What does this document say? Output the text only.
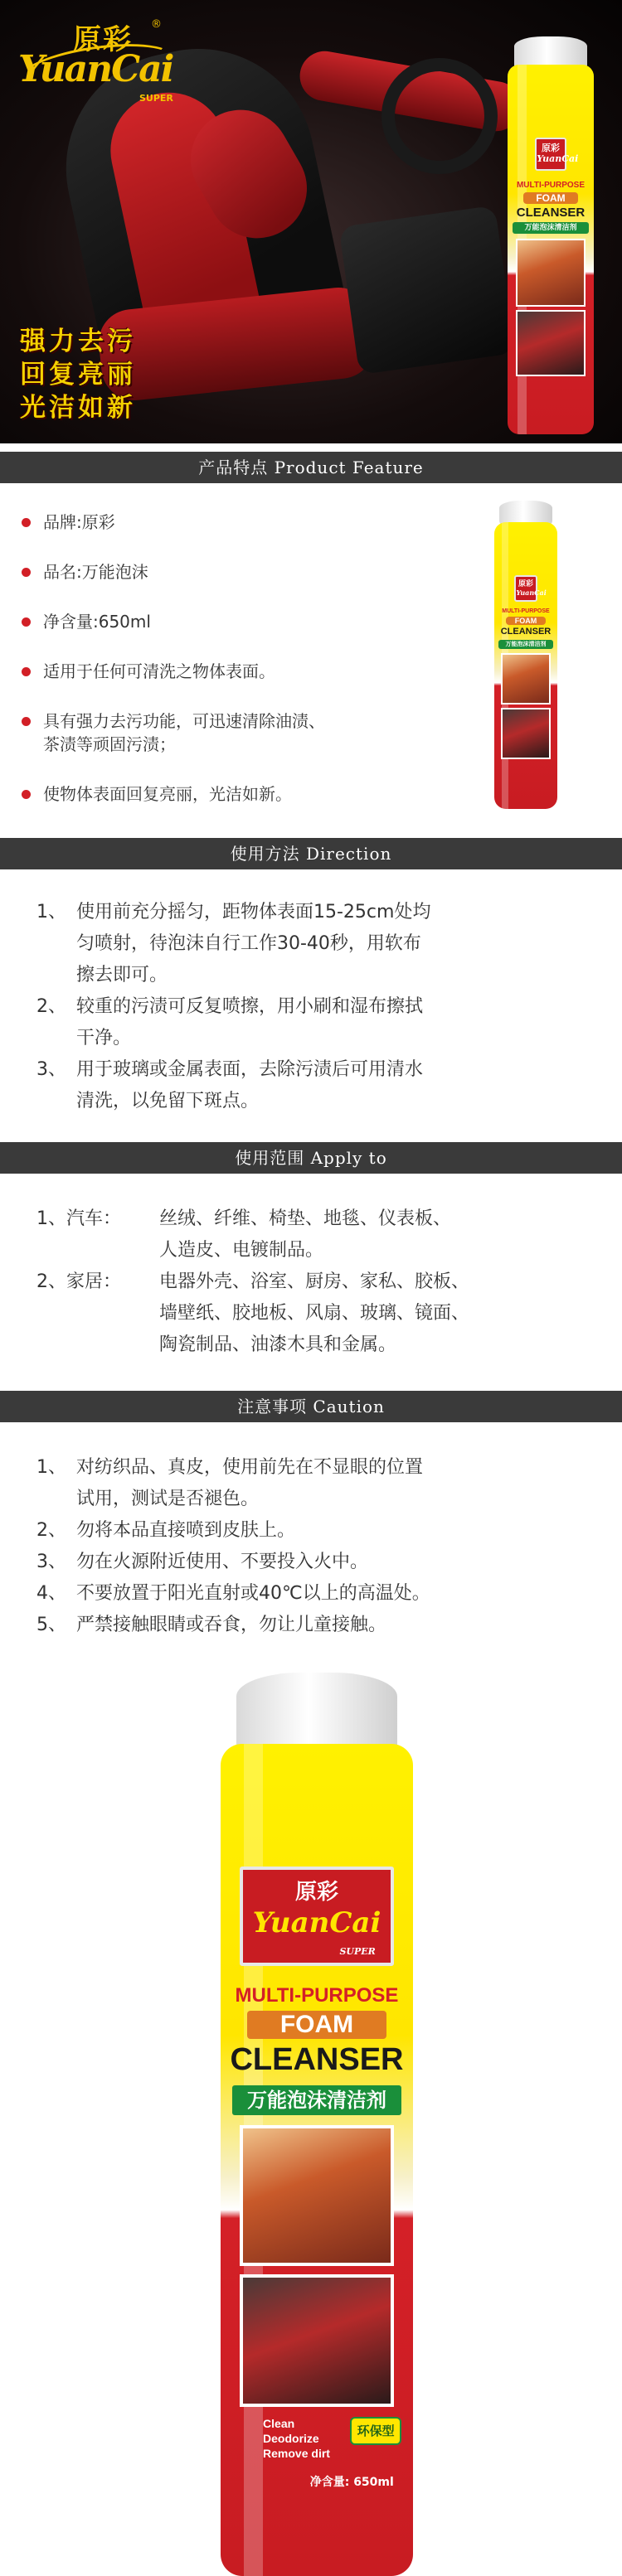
原彩 ®
YuanCai
SUPER
强力去污
回复亮丽
光洁如新
原彩
YuanCai
MULTI-PURPOSE
FOAM
CLEANSER
万能泡沫清洁剂
产品特点 Product Feature
品牌:原彩
品名:万能泡沫
净含量:650ml
适用于任何可清洗之物体表面。
具有强力去污功能，可迅速清除油渍、
茶渍等顽固污渍；
使物体表面回复亮丽，光洁如新。
原彩
YuanCai
MULTI-PURPOSE
FOAM
CLEANSER
万能泡沫清洁剂
使用方法 Direction
1、 使用前充分摇匀，距物体表面15-25cm处均
匀喷射，待泡沫自行工作30-40秒，用软布
擦去即可。
2、 较重的污渍可反复喷擦，用小刷和湿布擦拭
干净。
3、 用于玻璃或金属表面，去除污渍后可用清水
清洗，以免留下斑点。
使用范围 Apply to
1、汽车： 丝绒、纤维、椅垫、地毯、仪表板、
人造皮、电镀制品。
2、家居： 电器外壳、浴室、厨房、家私、胶板、
墙壁纸、胶地板、风扇、玻璃、镜面、
陶瓷制品、油漆木具和金属。
注意事项 Caution
1、 对纺织品、真皮，使用前先在不显眼的位置
试用，测试是否褪色。
2、 勿将本品直接喷到皮肤上。
3、 勿在火源附近使用、不要投入火中。
4、 不要放置于阳光直射或40℃以上的高温处。
5、 严禁接触眼睛或吞食，勿让儿童接触。
原彩
YuanCai
SUPER
MULTI-PURPOSE
FOAM
CLEANSER
万能泡沫清洁剂
Clean
Deodorize
Remove dirt
环保型
净含量: 650ml
